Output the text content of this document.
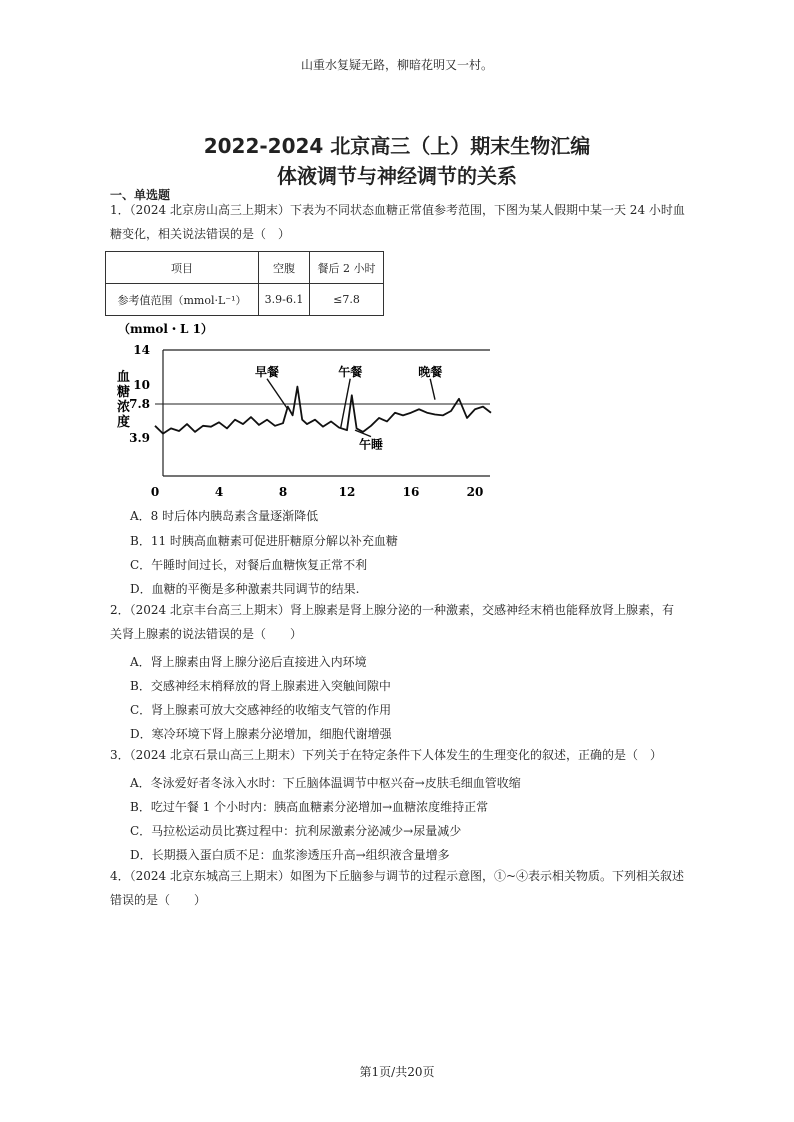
山重水复疑无路，柳暗花明又一村。
2022-2024 北京高三（上）期末生物汇编
体液调节与神经调节的关系
一、单选题
1．（2024 北京房山高三上期末）下表为不同状态血糖正常值参考范围，下图为某人假期中某一天 24 小时血
糖变化，相关说法错误的是（　）
项目	空腹	餐后 2 小时
参考值范围（mmol·L⁻¹）	3.9-6.1	≤7.8
（mmol・L 1）
血
糖
浓
度
14
10
7.8
3.9
0	4	8	12	16	20
早餐	午餐	晚餐
午睡
A．8 时后体内胰岛素含量逐渐降低
B．11 时胰高血糖素可促进肝糖原分解以补充血糖
C．午睡时间过长，对餐后血糖恢复正常不利
D．血糖的平衡是多种激素共同调节的结果.
2．（2024 北京丰台高三上期末）肾上腺素是肾上腺分泌的一种激素，交感神经末梢也能释放肾上腺素，有
关肾上腺素的说法错误的是（　　）
A．肾上腺素由肾上腺分泌后直接进入内环境
B．交感神经末梢释放的肾上腺素进入突触间隙中
C．肾上腺素可放大交感神经的收缩支气管的作用
D．寒冷环境下肾上腺素分泌增加，细胞代谢增强
3．（2024 北京石景山高三上期末）下列关于在特定条件下人体发生的生理变化的叙述，正确的是（　）
A．冬泳爱好者冬泳入水时：下丘脑体温调节中枢兴奋→皮肤毛细血管收缩
B．吃过午餐 1 个小时内：胰高血糖素分泌增加→血糖浓度维持正常
C．马拉松运动员比赛过程中：抗利尿激素分泌减少→尿量减少
D．长期摄入蛋白质不足：血浆渗透压升高→组织液含量增多
4．（2024 北京东城高三上期末）如图为下丘脑参与调节的过程示意图，①~④表示相关物质。下列相关叙述
错误的是（　　）
第1页/共20页
